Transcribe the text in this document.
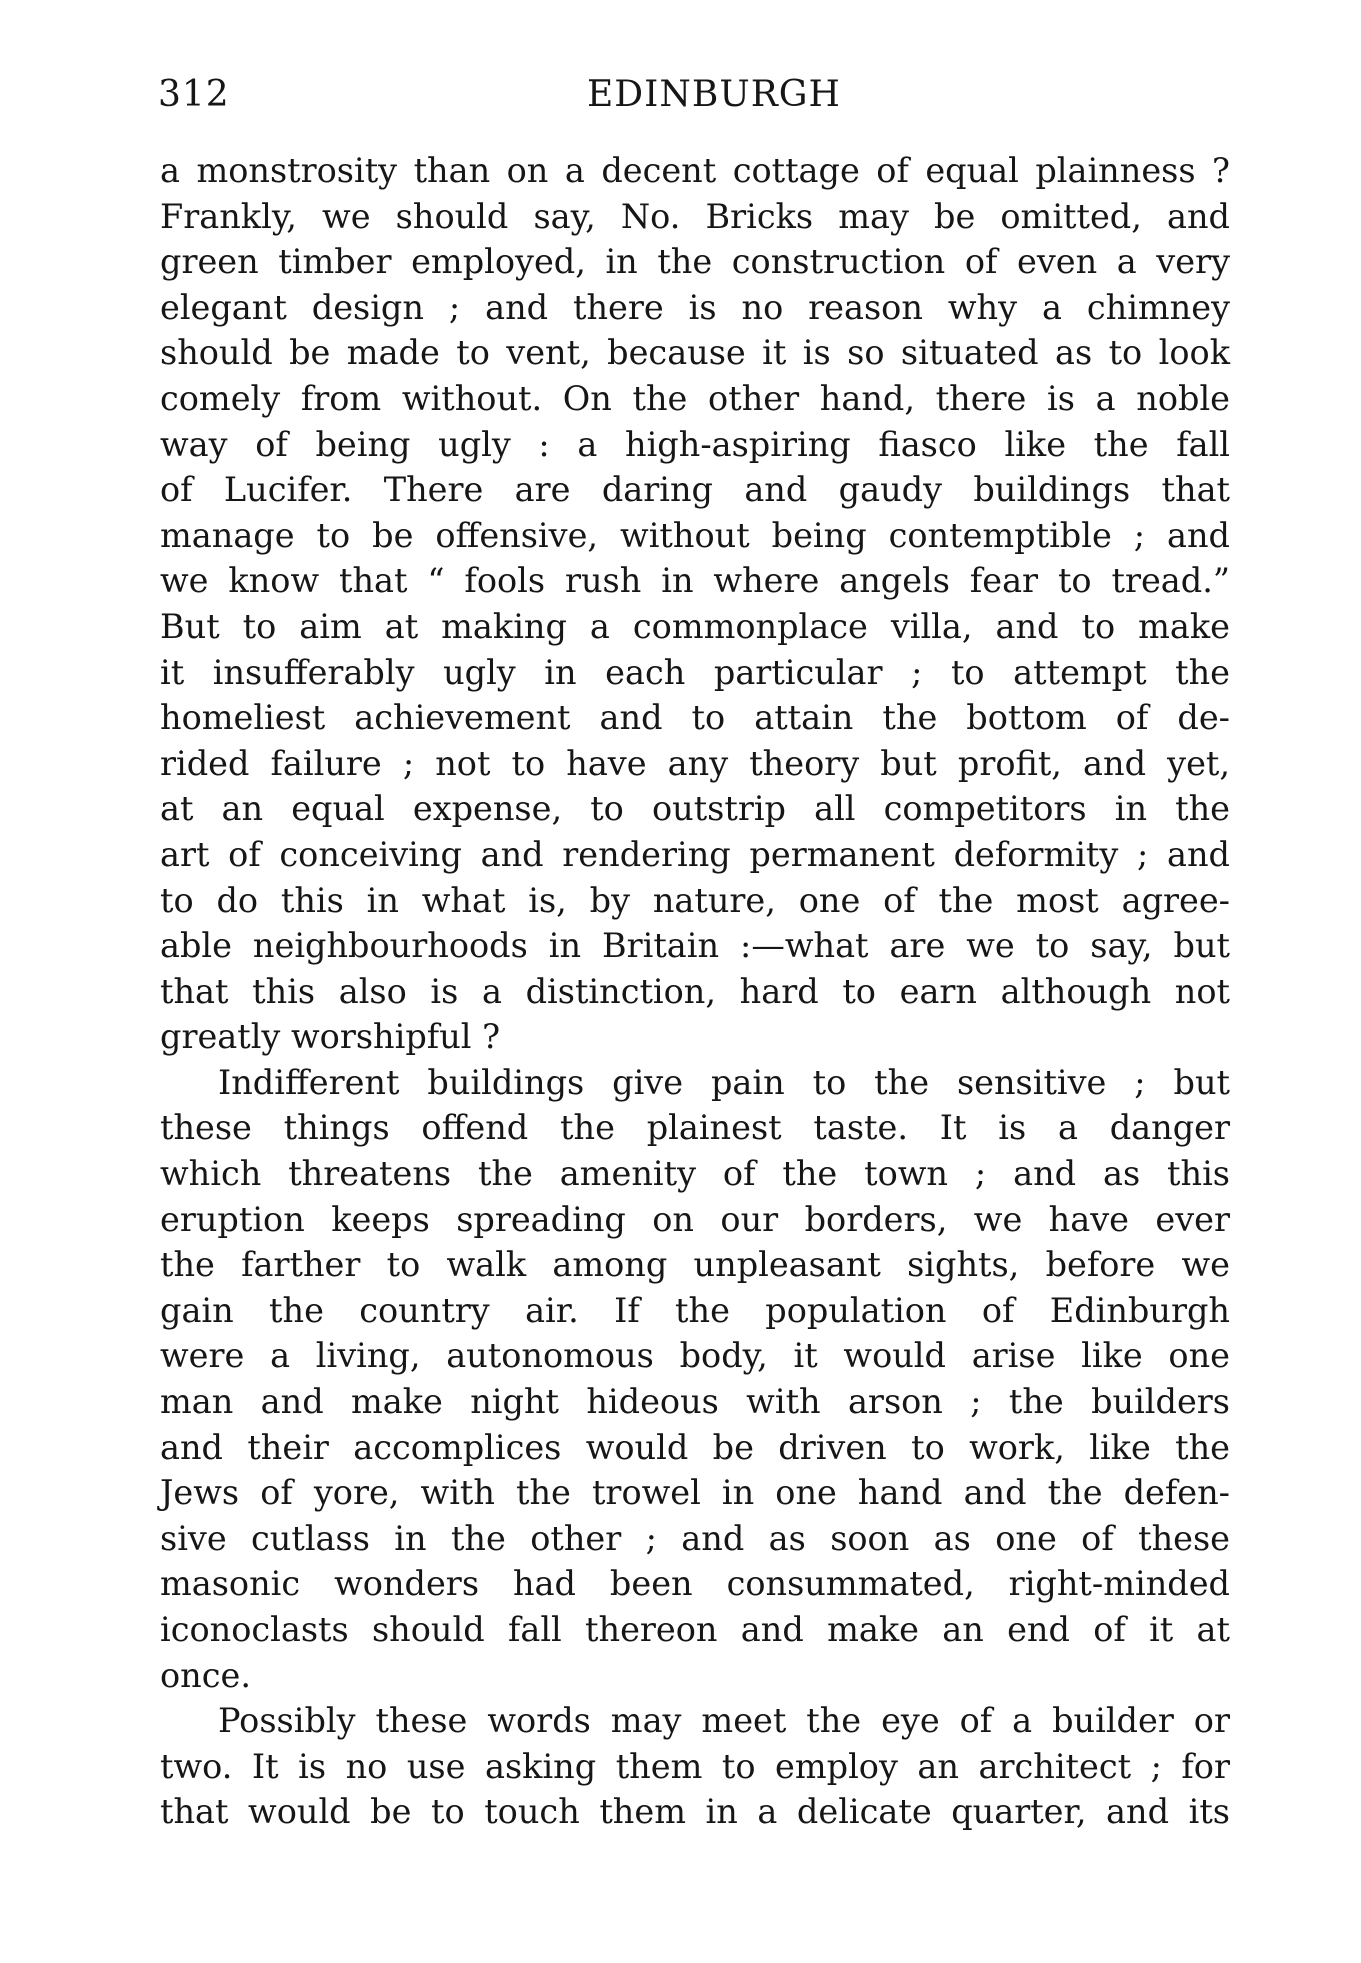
312	EDINBURGH
a monstrosity than on a decent cottage of equal plainness ?
Frankly, we should say, No. Bricks may be omitted, and
green timber employed, in the construction of even a very
elegant design ; and there is no reason why a chimney
should be made to vent, because it is so situated as to look
comely from without. On the other hand, there is a noble
way of being ugly : a high-aspiring fiasco like the fall
of Lucifer. There are daring and gaudy buildings that
manage to be offensive, without being contemptible ; and
we know that “ fools rush in where angels fear to tread.”
But to aim at making a commonplace villa, and to make
it insufferably ugly in each particular ; to attempt the
homeliest achievement and to attain the bottom of de-
rided failure ; not to have any theory but profit, and yet,
at an equal expense, to outstrip all competitors in the
art of conceiving and rendering permanent deformity ; and
to do this in what is, by nature, one of the most agree-
able neighbourhoods in Britain :—what are we to say, but
that this also is a distinction, hard to earn although not
greatly worshipful ?
Indifferent buildings give pain to the sensitive ; but
these things offend the plainest taste. It is a danger
which threatens the amenity of the town ; and as this
eruption keeps spreading on our borders, we have ever
the farther to walk among unpleasant sights, before we
gain the country air. If the population of Edinburgh
were a living, autonomous body, it would arise like one
man and make night hideous with arson ; the builders
and their accomplices would be driven to work, like the
Jews of yore, with the trowel in one hand and the defen-
sive cutlass in the other ; and as soon as one of these
masonic wonders had been consummated, right-minded
iconoclasts should fall thereon and make an end of it at
once.
Possibly these words may meet the eye of a builder or
two. It is no use asking them to employ an architect ; for
that would be to touch them in a delicate quarter, and its
